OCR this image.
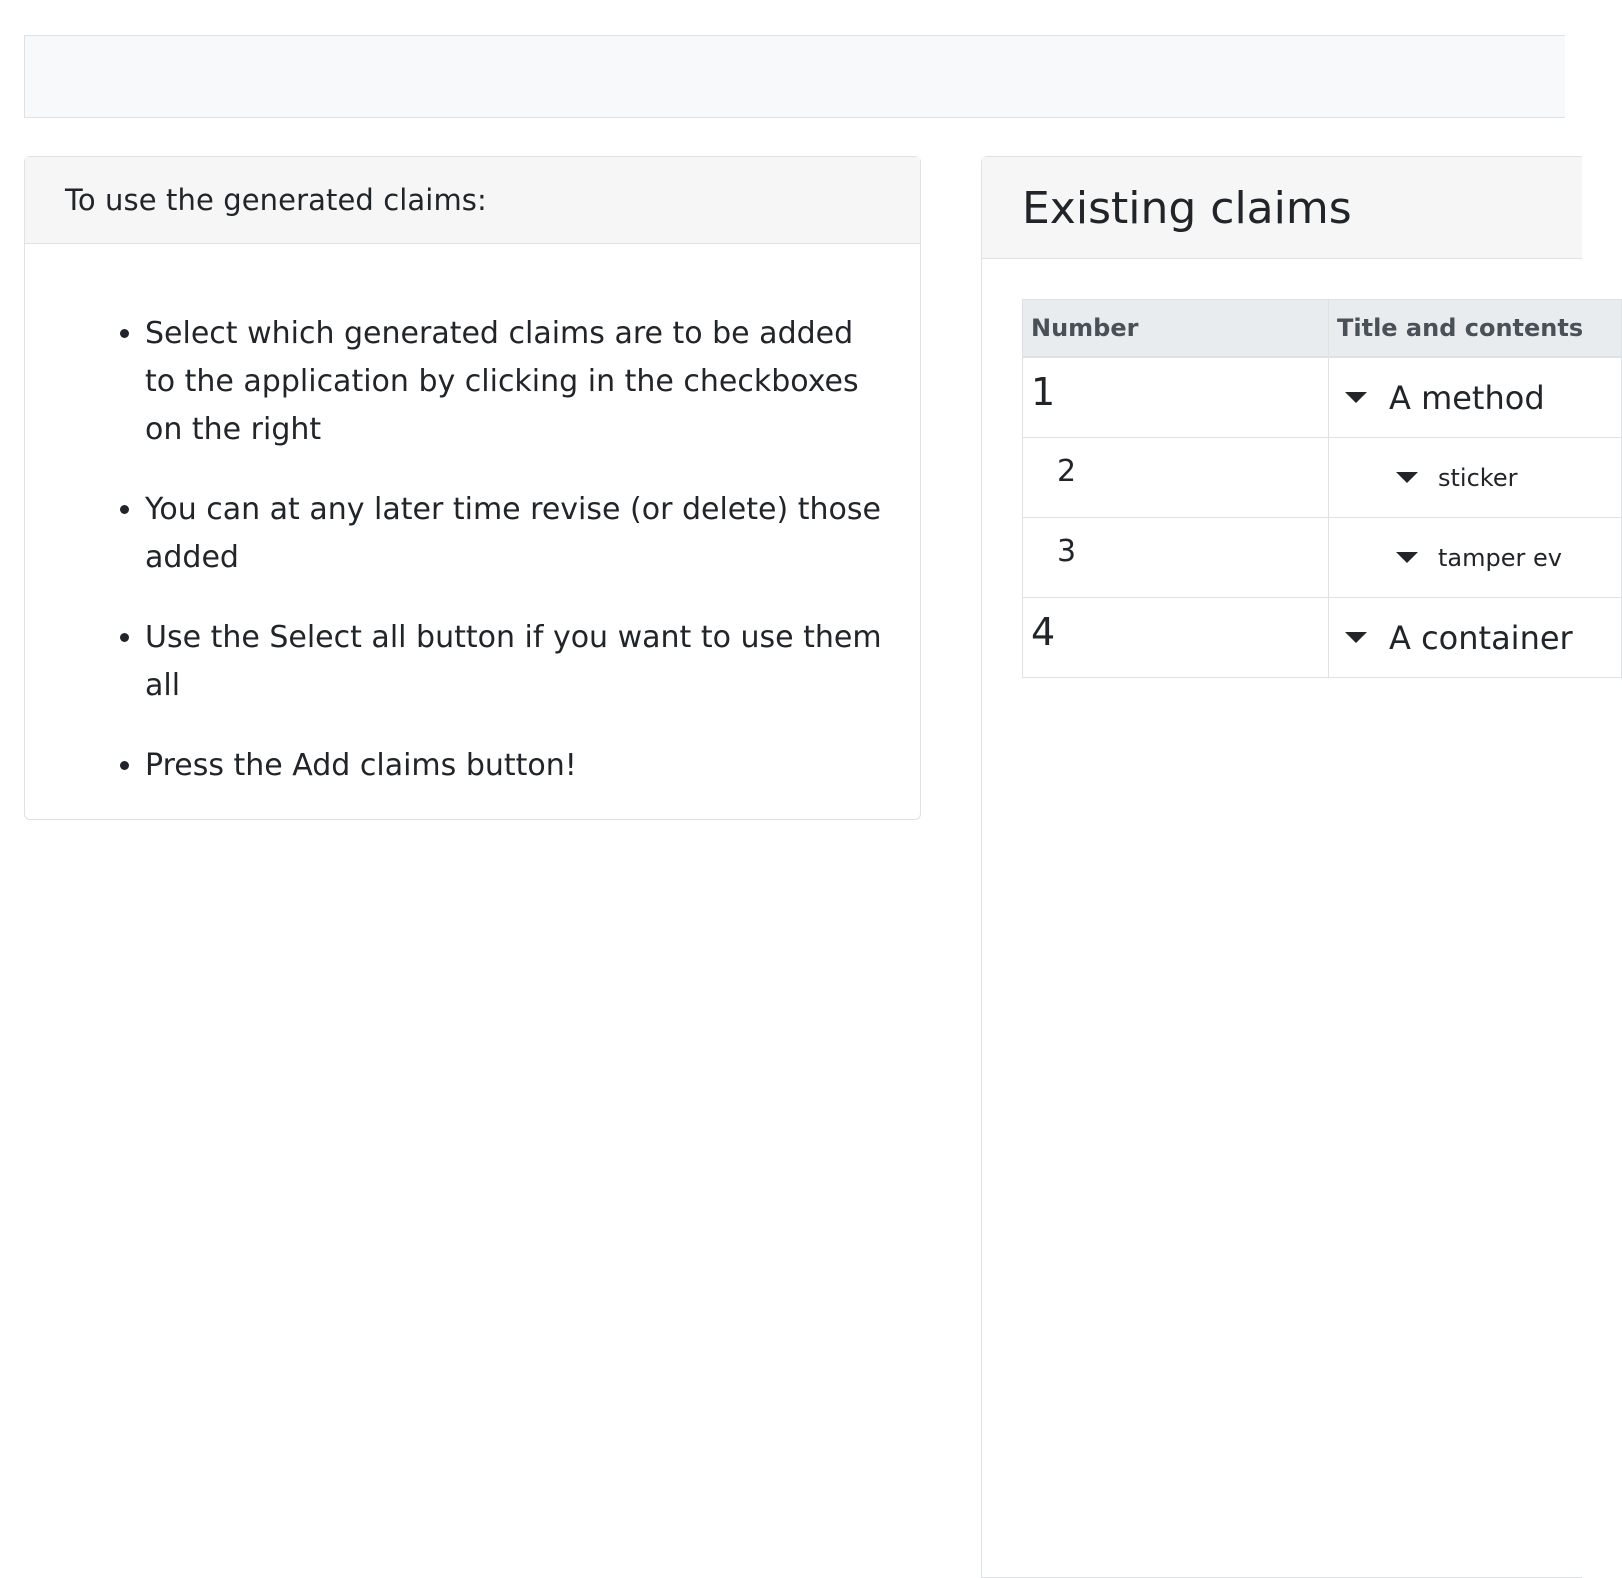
To use the generated claims:
• Select which generated claims are to be added to the application by clicking in the checkboxes on the right
• You can at any later time revise (or delete) those added
• Use the Select all button if you want to use them all
• Press the Add claims button!
Existing claims
Number	Title and contents

1	A method

2	sticker

3	tamper ev

4	A container
